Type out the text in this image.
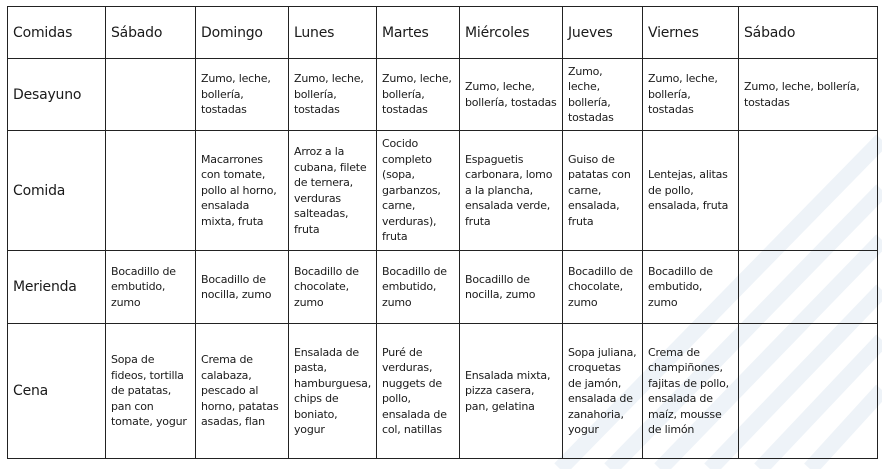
Comidas	Sábado	Domingo	Lunes	Martes	Miércoles	Jueves	Viernes	Sábado
Desayuno		Zumo, leche, bollería, tostadas	Zumo, leche, bollería, tostadas	Zumo, leche, bollería, tostadas	Zumo, leche, bollería, tostadas	Zumo, leche, bollería, tostadas	Zumo, leche, bollería, tostadas	Zumo, leche, bollería, tostadas
Comida		Macarrones con tomate, pollo al horno, ensalada mixta, fruta	Arroz a la cubana, filete de ternera, verduras salteadas, fruta	Cocido completo (sopa, garbanzos, carne, verduras), fruta	Espaguetis carbonara, lomo a la plancha, ensalada verde, fruta	Guiso de patatas con carne, ensalada, fruta	Lentejas, alitas de pollo, ensalada, fruta	
Merienda	Bocadillo de embutido, zumo	Bocadillo de nocilla, zumo	Bocadillo de chocolate, zumo	Bocadillo de embutido, zumo	Bocadillo de nocilla, zumo	Bocadillo de chocolate, zumo	Bocadillo de embutido, zumo	
Cena	Sopa de fideos, tortilla de patatas, pan con tomate, yogur	Crema de calabaza, pescado al horno, patatas asadas, flan	Ensalada de pasta, hamburguesa, chips de boniato, yogur	Puré de verduras, nuggets de pollo, ensalada de col, natillas	Ensalada mixta, pizza casera, pan, gelatina	Sopa juliana, croquetas de jamón, ensalada de zanahoria, yogur	Crema de champiñones, fajitas de pollo, ensalada de maíz, mousse de limón	
